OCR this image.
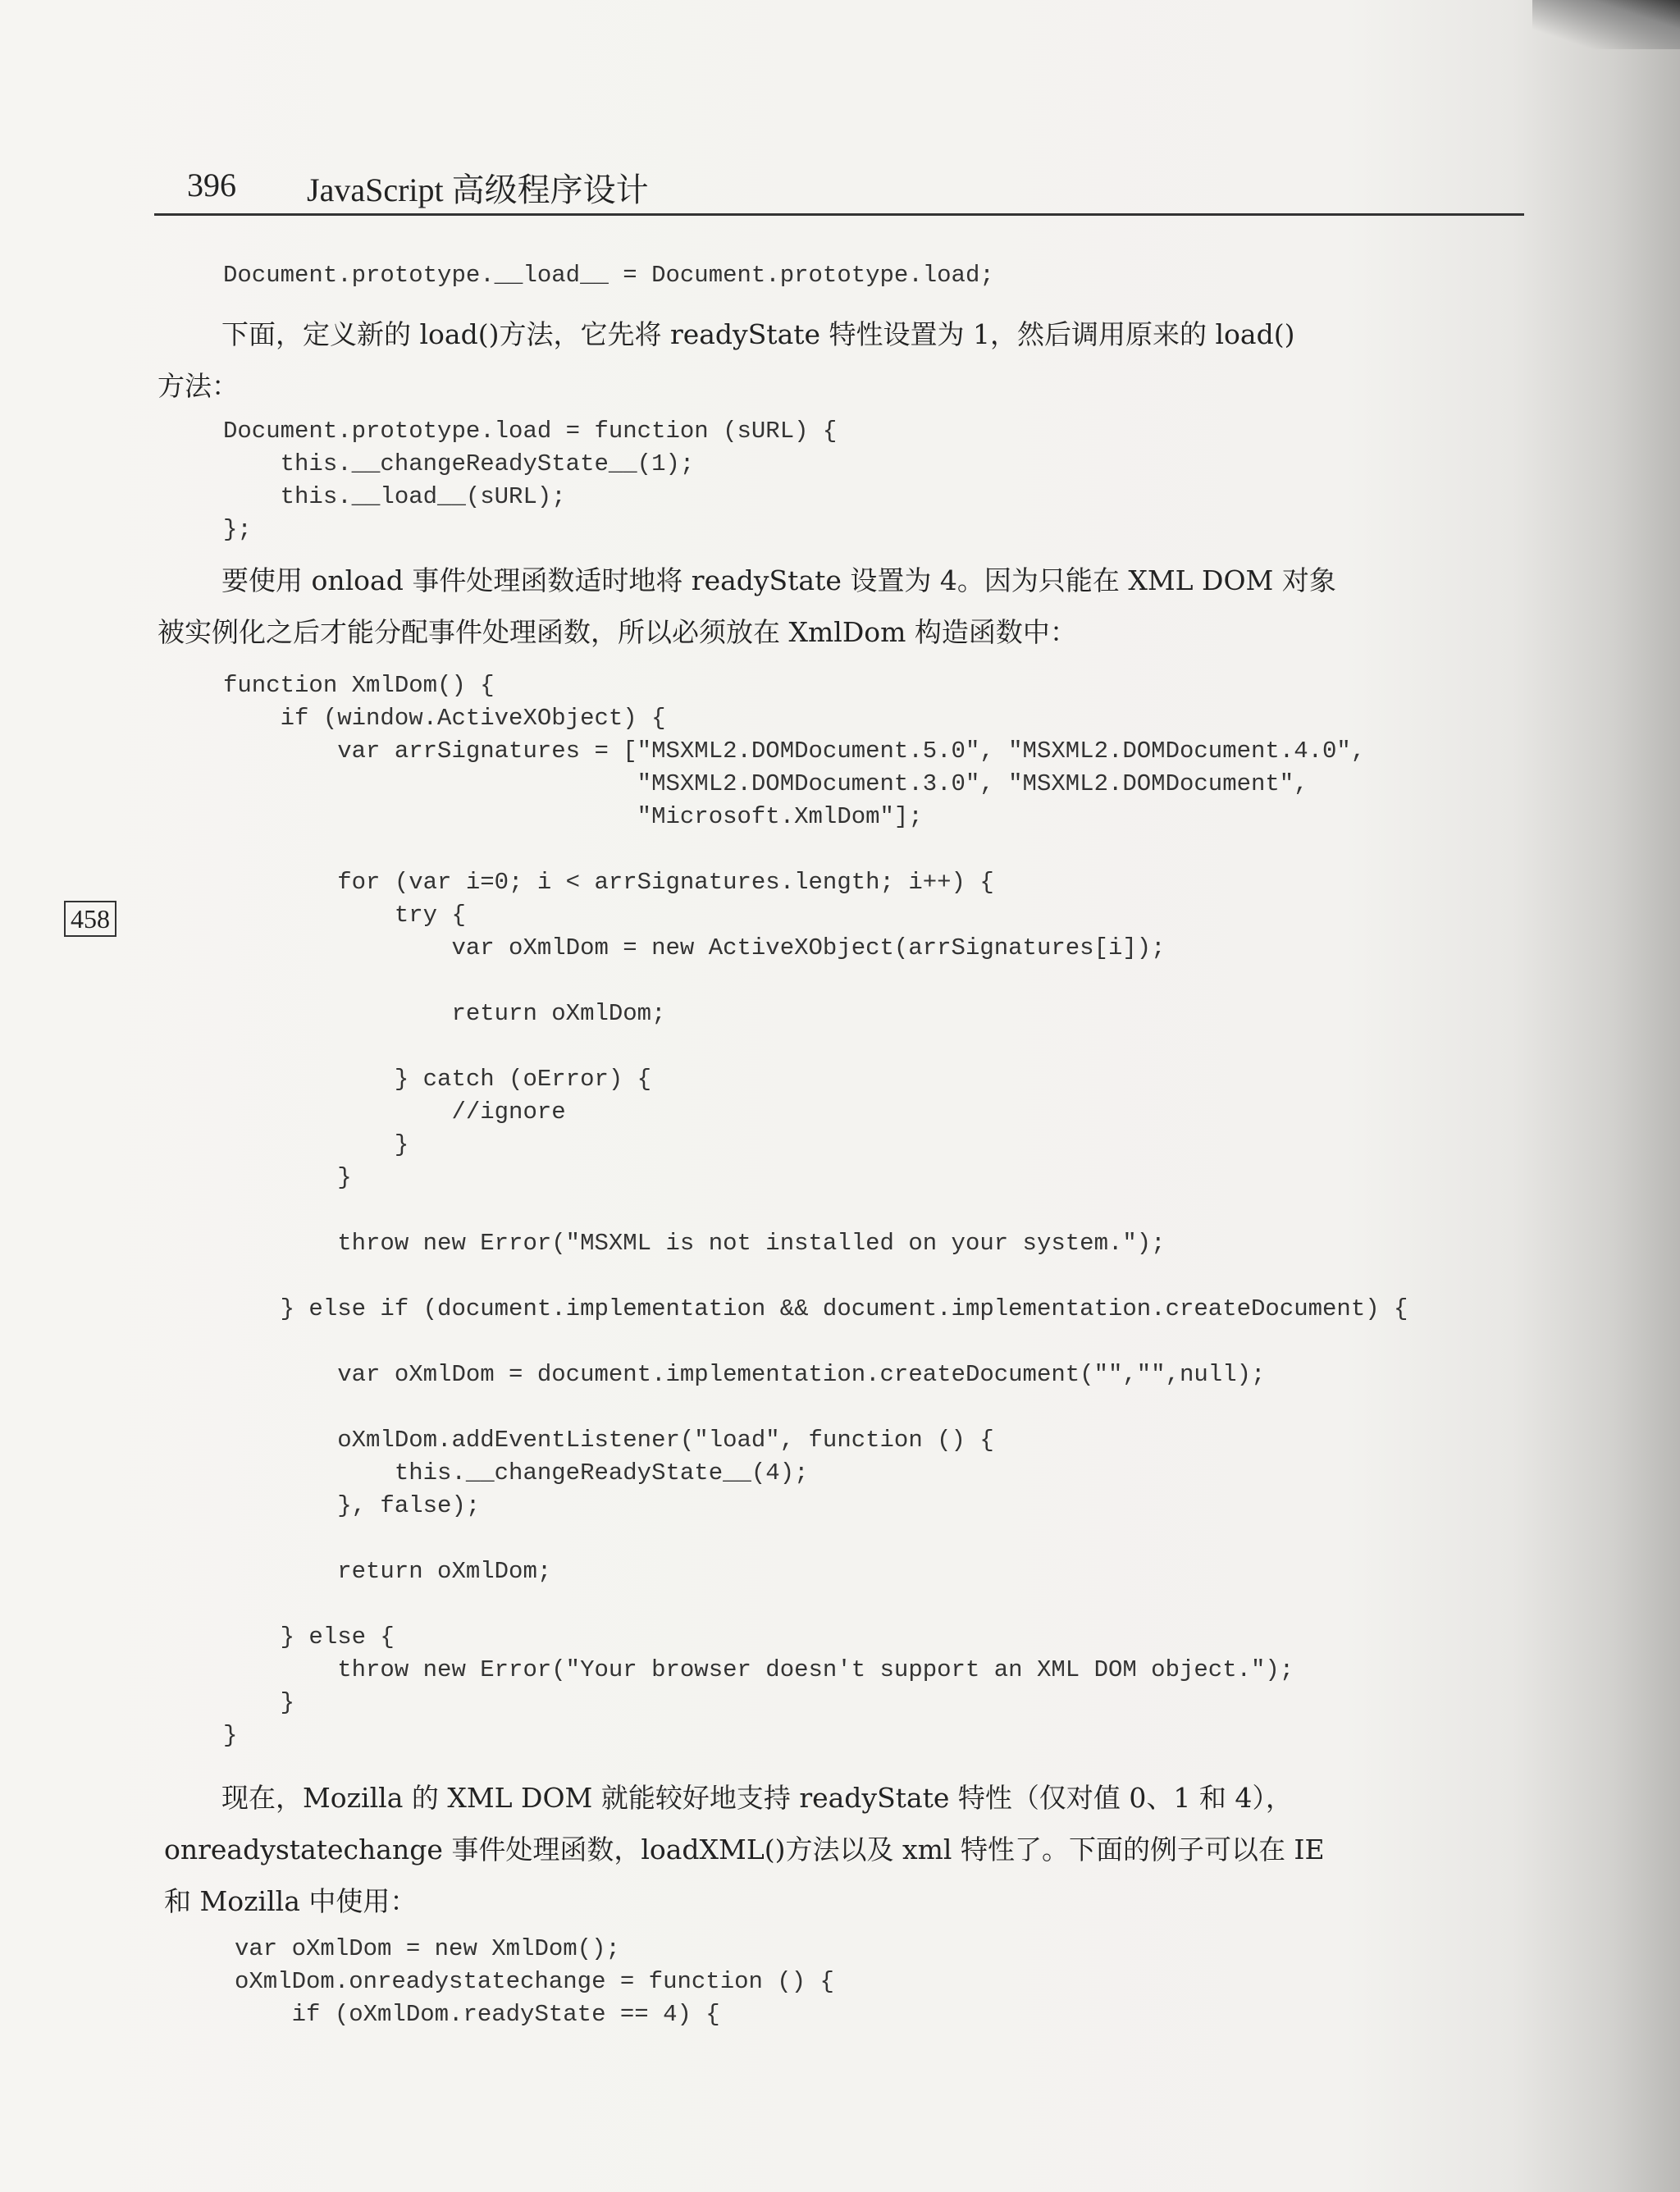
396 JavaScript 高级程序设计
Document.prototype.__load__ = Document.prototype.load;
下面，定义新的 load()方法，它先将 readyState 特性设置为 1，然后调用原来的 load()
方法：
Document.prototype.load = function (sURL) {
this.__changeReadyState__(1);
this.__load__(sURL);
};
要使用 onload 事件处理函数适时地将 readyState 设置为 4。因为只能在 XML DOM 对象
被实例化之后才能分配事件处理函数，所以必须放在 XmlDom 构造函数中：
458
function XmlDom() {
if (window.ActiveXObject) {
var arrSignatures = ["MSXML2.DOMDocument.5.0", "MSXML2.DOMDocument.4.0",
"MSXML2.DOMDocument.3.0", "MSXML2.DOMDocument",
"Microsoft.XmlDom"];

for (var i=0; i < arrSignatures.length; i++) {
try {
var oXmlDom = new ActiveXObject(arrSignatures[i]);

return oXmlDom;

} catch (oError) {
//ignore
}
}

throw new Error("MSXML is not installed on your system.");

} else if (document.implementation && document.implementation.createDocument) {

var oXmlDom = document.implementation.createDocument("","",null);

oXmlDom.addEventListener("load", function () {
this.__changeReadyState__(4);
}, false);

return oXmlDom;

} else {
throw new Error("Your browser doesn't support an XML DOM object.");
}
}
现在，Mozilla 的 XML DOM 就能较好地支持 readyState 特性（仅对值 0、1 和 4），
onreadystatechange 事件处理函数，loadXML()方法以及 xml 特性了。下面的例子可以在 IE
和 Mozilla 中使用：
var oXmlDom = new XmlDom();
oXmlDom.onreadystatechange = function () {
if (oXmlDom.readyState == 4) {
